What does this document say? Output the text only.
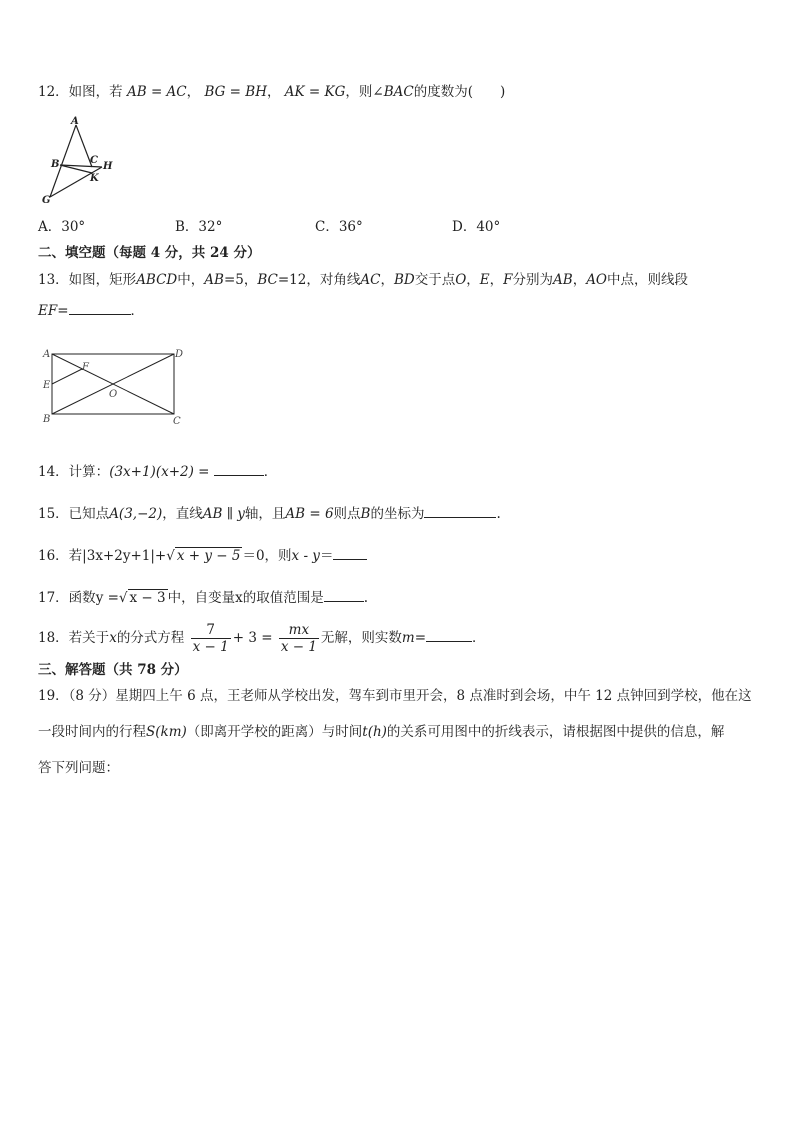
12．如图，若 AB = AC， BG = BH， AK = KG，则∠BAC的度数为(　　)
A
B	C
H
K
G
A．30°	B．32°	C．36°	D．40°
二、填空题（每题 4 分，共 24 分）
13．如图，矩形ABCD中，AB=5，BC=12，对角线AC，BD交于点O，E，F分别为AB，AO中点，则线段
EF=	．
A	D
F
E
O
B	C
14．计算：(3x+1)(x+2) =	．
15．已知点A(3,−2)，直线AB ∥ y轴，且AB = 6则点B的坐标为	.
16．若|3x+2y+1|+√ x + y − 5 ＝0，则x - y＝
17．函数y =√ x − 3 中，自变量x的取值范围是	.
18．若关于x的分式方程 $\frac{7}{x - 1} + 3 = \frac{mx}{x - 1}$ 无解，则实数m=	．
三、解答题（共 78 分）
19．（8 分）星期四上午 6 点，王老师从学校出发，驾车到市里开会，8 点准时到会场，中午 12 点钟回到学校，他在这
一段时间内的行程S(km)（即离开学校的距离）与时间t(h)的关系可用图中的折线表示，请根据图中提供的信息，解
答下列问题：
